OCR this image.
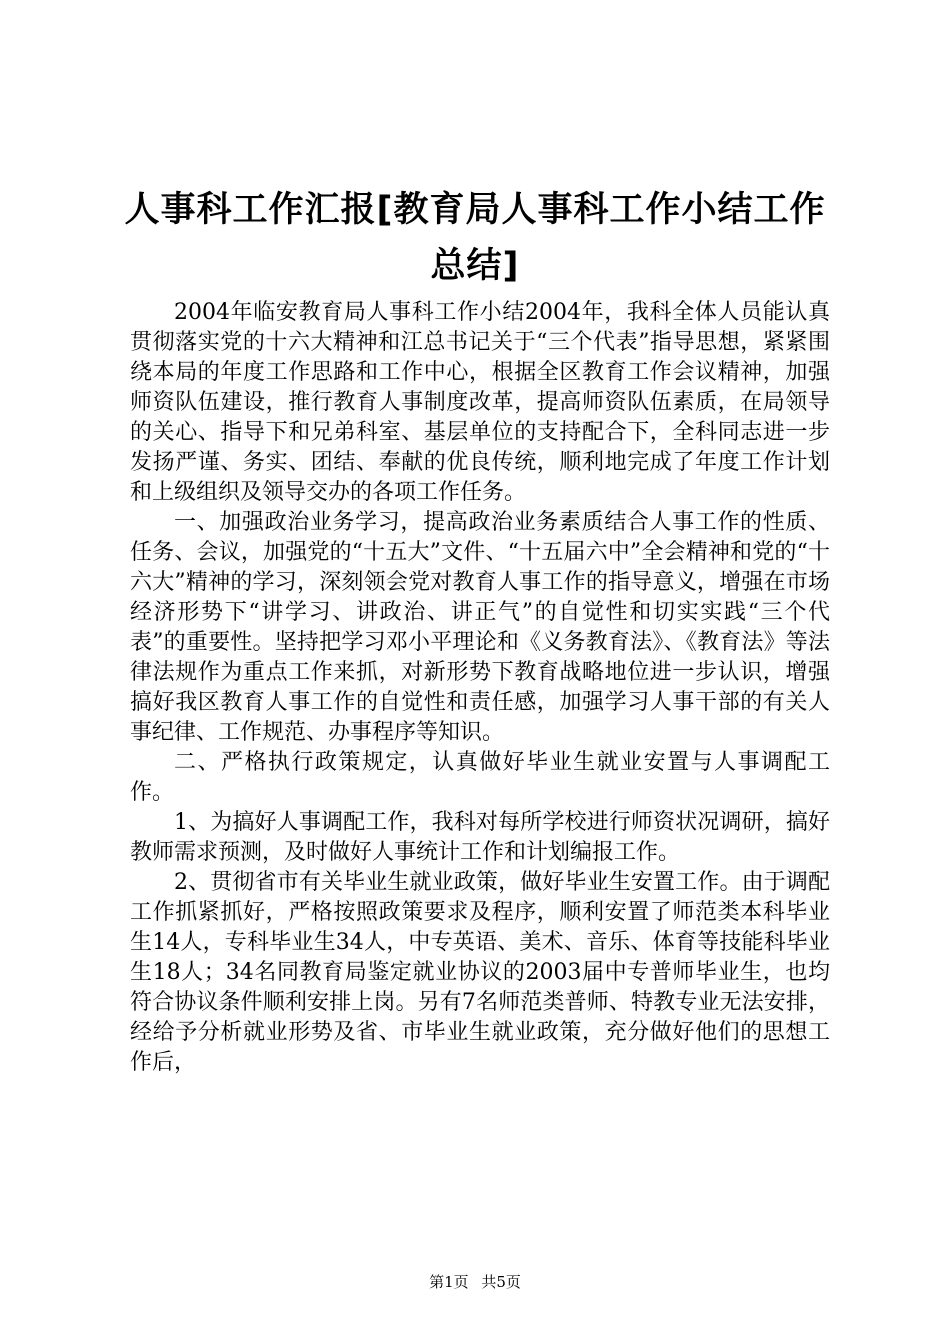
人事科工作汇报[教育局人事科工作小结工作
总结]

2004年临安教育局人事科工作小结2004年，我科全体人员能认真贯彻落实党的十六大精神和江总书记关于“三个代表”指导思想，紧紧围绕本局的年度工作思路和工作中心，根据全区教育工作会议精神，加强师资队伍建设，推行教育人事制度改革，提高师资队伍素质，在局领导的关心、指导下和兄弟科室、基层单位的支持配合下，全科同志进一步发扬严谨、务实、团结、奉献的优良传统，顺利地完成了年度工作计划和上级组织及领导交办的各项工作任务。

一、加强政治业务学习，提高政治业务素质结合人事工作的性质、任务、会议，加强党的“十五大”文件、“十五届六中”全会精神和党的“十六大”精神的学习，深刻领会党对教育人事工作的指导意义，增强在市场经济形势下“讲学习、讲政治、讲正气”的自觉性和切实实践“三个代表”的重要性。坚持把学习邓小平理论和《义务教育法》、《教育法》等法律法规作为重点工作来抓，对新形势下教育战略地位进一步认识，增强搞好我区教育人事工作的自觉性和责任感，加强学习人事干部的有关人事纪律、工作规范、办事程序等知识。

二、严格执行政策规定，认真做好毕业生就业安置与人事调配工作。

1、为搞好人事调配工作，我科对每所学校进行师资状况调研，搞好教师需求预测，及时做好人事统计工作和计划编报工作。

2、贯彻省市有关毕业生就业政策，做好毕业生安置工作。由于调配工作抓紧抓好，严格按照政策要求及程序，顺利安置了师范类本科毕业生14人，专科毕业生34人，中专英语、美术、音乐、体育等技能科毕业生18人；34名同教育局鉴定就业协议的2003届中专普师毕业生，也均符合协议条件顺利安排上岗。另有7名师范类普师、特教专业无法安排，经给予分析就业形势及省、市毕业生就业政策，充分做好他们的思想工作后，

第1页 共5页
